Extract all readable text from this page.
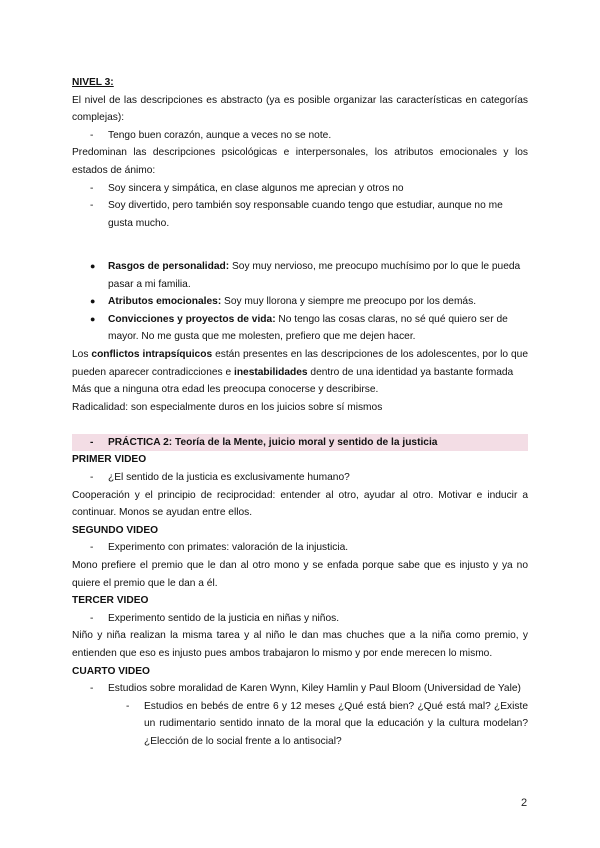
NIVEL 3:

El nivel de las descripciones es abstracto (ya es posible organizar las características en categorías complejas):

- Tengo buen corazón, aunque a veces no se note.

Predominan las descripciones psicológicas e interpersonales, los atributos emocionales y los estados de ánimo:

- Soy sincera y simpática, en clase algunos me aprecian y otros no
- Soy divertido, pero también soy responsable cuando tengo que estudiar, aunque no me gusta mucho.
● Rasgos de personalidad: Soy muy nervioso, me preocupo muchísimo por lo que le pueda pasar a mi familia.
● Atributos emocionales: Soy muy llorona y siempre me preocupo por los demás.
● Convicciones y proyectos de vida: No tengo las cosas claras, no sé qué quiero ser de mayor. No me gusta que me molesten, prefiero que me dejen hacer.

Los conflictos intrapsíquicos están presentes en las descripciones de los adolescentes, por lo que pueden aparecer contradicciones e inestabilidades dentro de una identidad ya bastante formada

Más que a ninguna otra edad les preocupa conocerse y describirse.

Radicalidad: son especialmente duros en los juicios sobre sí mismos

- PRÁCTICA 2: Teoría de la Mente, juicio moral y sentido de la justicia

PRIMER VIDEO

- ¿El sentido de la justicia es exclusivamente humano?

Cooperación y el principio de reciprocidad: entender al otro, ayudar al otro. Motivar e inducir a continuar. Monos se ayudan entre ellos.

SEGUNDO VIDEO

- Experimento con primates: valoración de la injusticia.

Mono prefiere el premio que le dan al otro mono y se enfada porque sabe que es injusto y ya no quiere el premio que le dan a él.

TERCER VIDEO

- Experimento sentido de la justicia en niñas y niños.

Niño y niña realizan la misma tarea y al niño le dan mas chuches que a la niña como premio, y entienden que eso es injusto pues ambos trabajaron lo mismo y por ende merecen lo mismo.

CUARTO VIDEO

- Estudios sobre moralidad de Karen Wynn, Kiley Hamlin y Paul Bloom (Universidad de Yale)
- Estudios en bebés de entre 6 y 12 meses ¿Qué está bien? ¿Qué está mal? ¿Existe un rudimentario sentido innato de la moral que la educación y la cultura modelan? ¿Elección de lo social frente a lo antisocial?
2
